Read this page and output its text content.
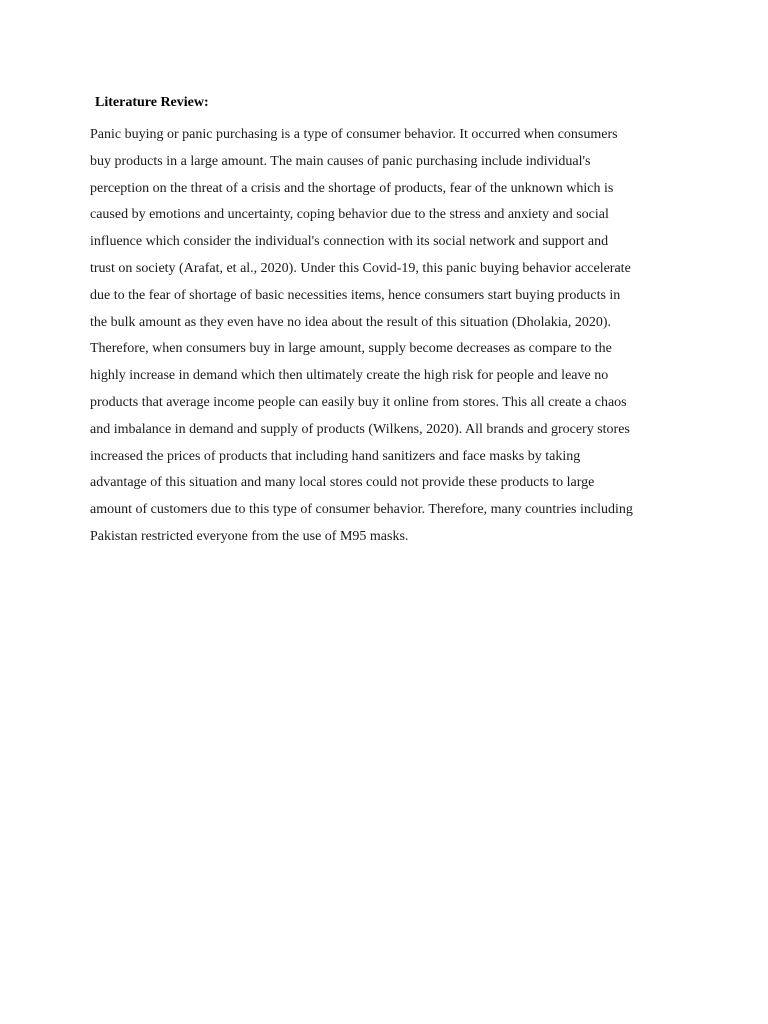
Literature Review:

Panic buying or panic purchasing is a type of consumer behavior. It occurred when consumers
buy products in a large amount. The main causes of panic purchasing include individual's
perception on the threat of a crisis and the shortage of products, fear of the unknown which is
caused by emotions and uncertainty, coping behavior due to the stress and anxiety and social
influence which consider the individual's connection with its social network and support and
trust on society (Arafat, et al., 2020). Under this Covid-19, this panic buying behavior accelerate
due to the fear of shortage of basic necessities items, hence consumers start buying products in
the bulk amount as they even have no idea about the result of this situation (Dholakia, 2020).
Therefore, when consumers buy in large amount, supply become decreases as compare to the
highly increase in demand which then ultimately create the high risk for people and leave no
products that average income people can easily buy it online from stores. This all create a chaos
and imbalance in demand and supply of products (Wilkens, 2020). All brands and grocery stores
increased the prices of products that including hand sanitizers and face masks by taking
advantage of this situation and many local stores could not provide these products to large
amount of customers due to this type of consumer behavior. Therefore, many countries including
Pakistan restricted everyone from the use of M95 masks.
